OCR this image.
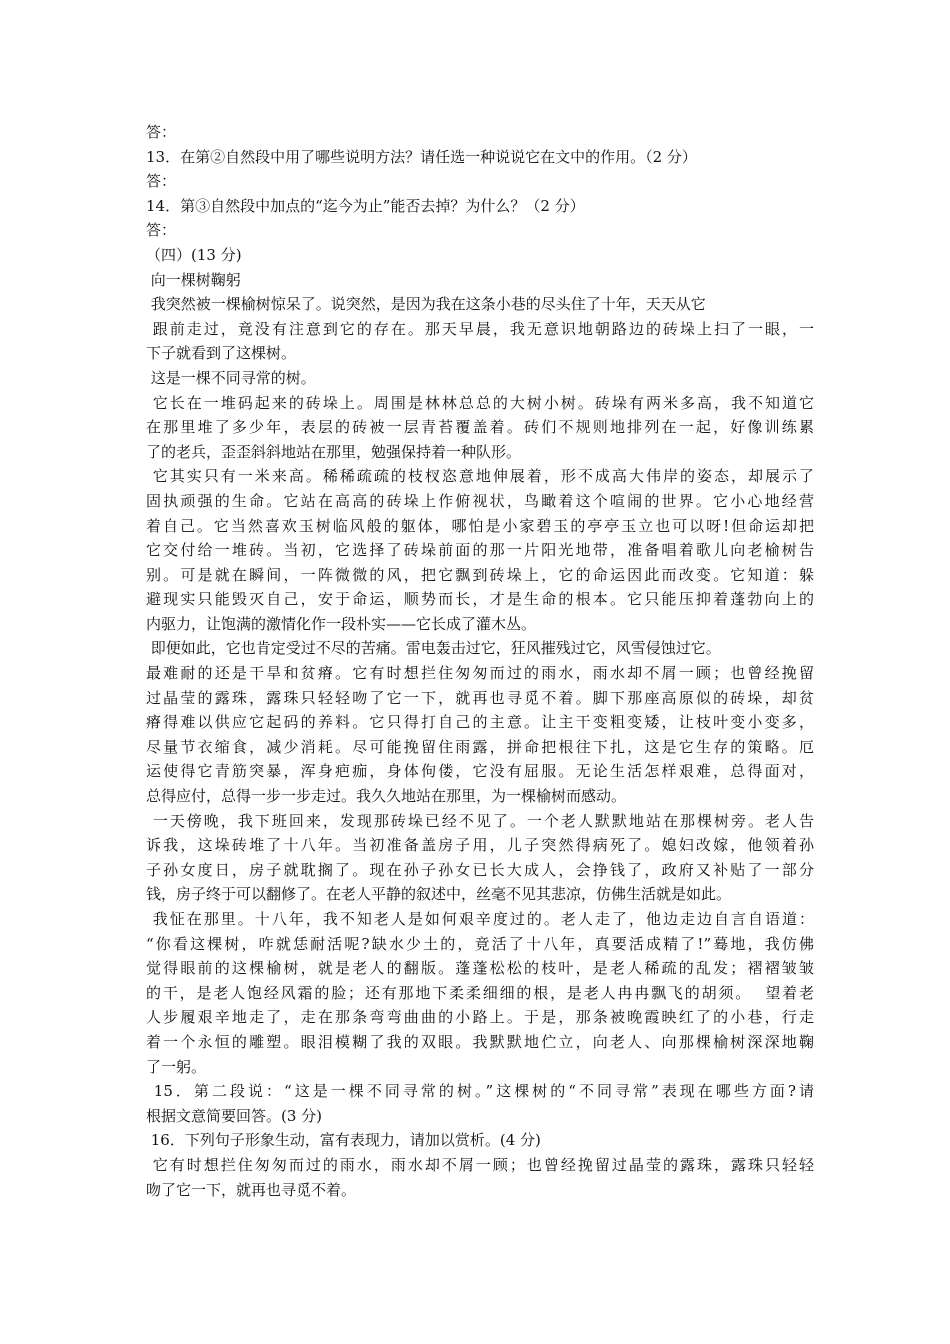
答：
13．在第②自然段中用了哪些说明方法？请任选一种说说它在文中的作用。（2 分）
答：
14．第③自然段中加点的“迄今为止”能否去掉？为什么？（2 分）
答：
（四）(13 分)
向一棵树鞠躬
我突然被一棵榆树惊呆了。说突然，是因为我在这条小巷的尽头住了十年，天天从它
跟前走过，竟没有注意到它的存在。那天早晨，我无意识地朝路边的砖垛上扫了一眼，一
下子就看到了这棵树。
这是一棵不同寻常的树。
它长在一堆码起来的砖垛上。周围是林林总总的大树小树。砖垛有两米多高，我不知道它
在那里堆了多少年，表层的砖被一层青苔覆盖着。砖们不规则地排列在一起，好像训练累
了的老兵，歪歪斜斜地站在那里，勉强保持着一种队形。
它其实只有一米来高。稀稀疏疏的枝杈恣意地伸展着，形不成高大伟岸的姿态，却展示了
固执顽强的生命。它站在高高的砖垛上作俯视状，鸟瞰着这个喧闹的世界。它小心地经营
着自己。它当然喜欢玉树临风般的躯体，哪怕是小家碧玉的亭亭玉立也可以呀!但命运却把
它交付给一堆砖。当初，它选择了砖垛前面的那一片阳光地带，准备唱着歌儿向老榆树告
别。可是就在瞬间，一阵微微的风，把它飘到砖垛上，它的命运因此而改变。它知道：躲
避现实只能毁灭自己，安于命运，顺势而长，才是生命的根本。它只能压抑着蓬勃向上的
内驱力，让饱满的激情化作一段朴实——它长成了灌木丛。
即便如此，它也肯定受过不尽的苦痛。雷电轰击过它，狂风摧残过它，风雪侵蚀过它。
最难耐的还是干旱和贫瘠。它有时想拦住匆匆而过的雨水，雨水却不屑一顾；也曾经挽留
过晶莹的露珠，露珠只轻轻吻了它一下，就再也寻觅不着。脚下那座高原似的砖垛，却贫
瘠得难以供应它起码的养料。它只得打自己的主意。让主干变粗变矮，让枝叶变小变多，
尽量节衣缩食，减少消耗。尽可能挽留住雨露，拼命把根往下扎，这是它生存的策略。厄
运使得它青筋突暴，浑身疤痂，身体佝偻，它没有屈服。无论生活怎样艰难，总得面对，
总得应付，总得一步一步走过。我久久地站在那里，为一棵榆树而感动。
一天傍晚，我下班回来，发现那砖垛已经不见了。一个老人默默地站在那棵树旁。老人告
诉我，这垛砖堆了十八年。当初准备盖房子用，儿子突然得病死了。媳妇改嫁，他领着孙
子孙女度日，房子就耽搁了。现在孙子孙女已长大成人，会挣钱了，政府又补贴了一部分
钱，房子终于可以翻修了。在老人平静的叙述中，丝毫不见其悲凉，仿佛生活就是如此。
我怔在那里。十八年，我不知老人是如何艰辛度过的。老人走了，他边走边自言自语道：
“你看这棵树，咋就恁耐活呢?缺水少土的，竟活了十八年，真要活成精了!”蓦地，我仿佛
觉得眼前的这棵榆树，就是老人的翻版。蓬蓬松松的枝叶，是老人稀疏的乱发；褶褶皱皱
的干，是老人饱经风霜的脸；还有那地下柔柔细细的根，是老人冉冉飘飞的胡须。  望着老
人步履艰辛地走了，走在那条弯弯曲曲的小路上。于是，那条被晚霞映红了的小巷，行走
着一个永恒的雕塑。眼泪模糊了我的双眼。我默默地伫立，向老人、向那棵榆树深深地鞠
了一躬。
15．第二段说：“这是一棵不同寻常的树。”这棵树的“不同寻常”表现在哪些方面?请
根据文意简要回答。(3 分)
16．下列句子形象生动，富有表现力，请加以赏析。(4 分)
它有时想拦住匆匆而过的雨水，雨水却不屑一顾；也曾经挽留过晶莹的露珠，露珠只轻轻
吻了它一下，就再也寻觅不着。
